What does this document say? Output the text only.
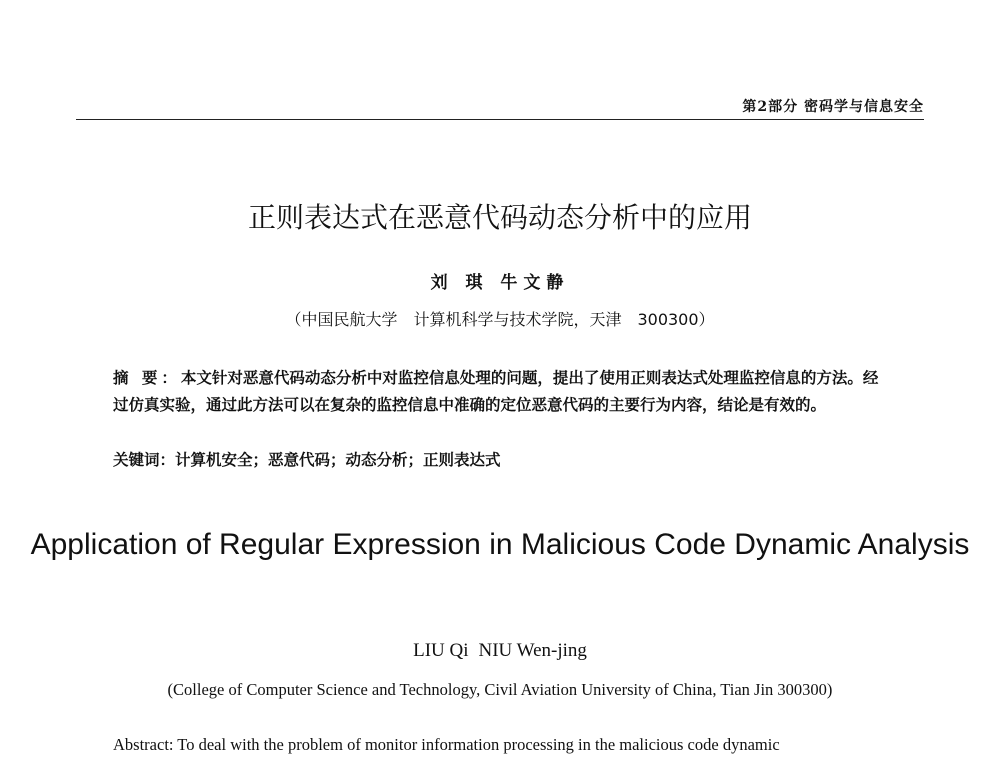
第2部分 密码学与信息安全
正则表达式在恶意代码动态分析中的应用
刘 琪 牛文静
（中国民航大学　计算机科学与技术学院，天津　300300）
摘 要：本文针对恶意代码动态分析中对监控信息处理的问题，提出了使用正则表达式处理监控信息的方法。经过仿真实验，通过此方法可以在复杂的监控信息中准确的定位恶意代码的主要行为内容，结论是有效的。
关键词：计算机安全；恶意代码；动态分析；正则表达式
Application of Regular Expression in Malicious Code Dynamic Analysis
LIU Qi NIU Wen-jing
(College of Computer Science and Technology, Civil Aviation University of China, Tian Jin 300300)
Abstract: To deal with the problem of monitor information processing in the malicious code dynamic
